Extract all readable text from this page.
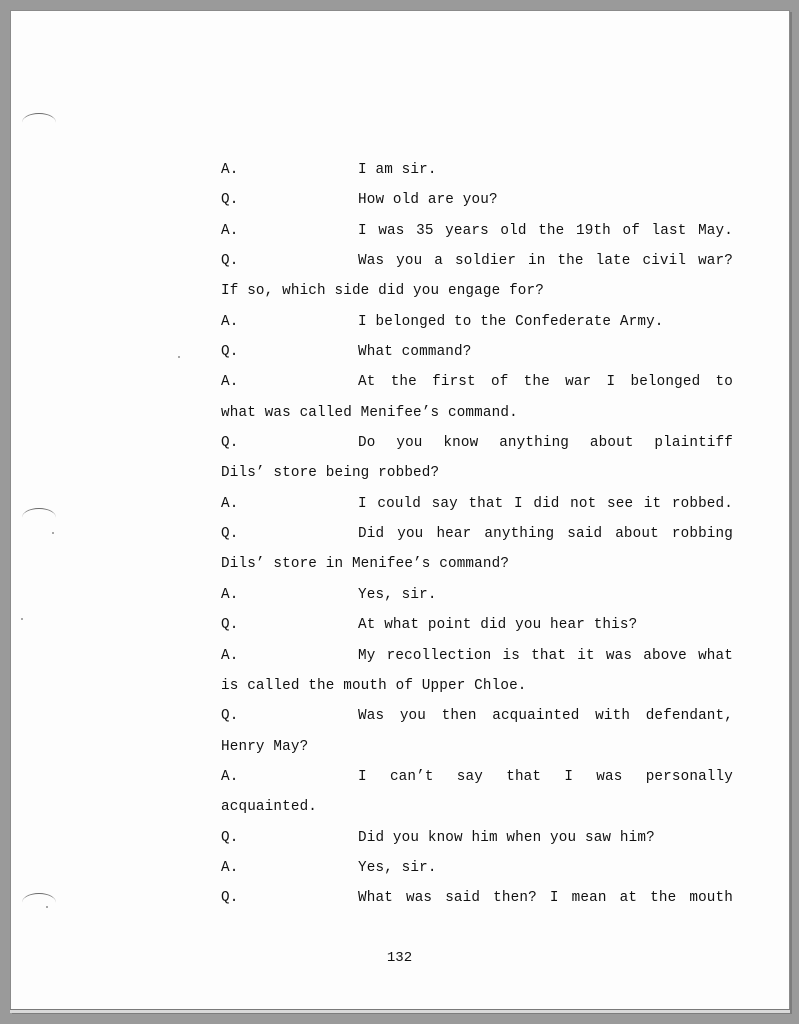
A.	I am sir.
Q.	How old are you?
A.	I was 35 years old the 19th of last May.
Q.	Was you a soldier in the late civil war?
If so, which side did you engage for?
A.	I belonged to the Confederate Army.
Q.	What command?
A.	At the first of the war I belonged to
what was called Menifee’s command.
Q.	Do you know anything about plaintiff
Dils’ store being robbed?
A.	I could say that I did not see it robbed.
Q.	Did you hear anything said about robbing
Dils’ store in Menifee’s command?
A.	Yes, sir.
Q.	At what point did you hear this?
A.	My recollection is that it was above what
is called the mouth of Upper Chloe.
Q.	Was you then acquainted with defendant,
Henry May?
A.	I can’t say that I was personally
acquainted.
Q.	Did you know him when you saw him?
A.	Yes, sir.
Q.	What was said then? I mean at the mouth
132
